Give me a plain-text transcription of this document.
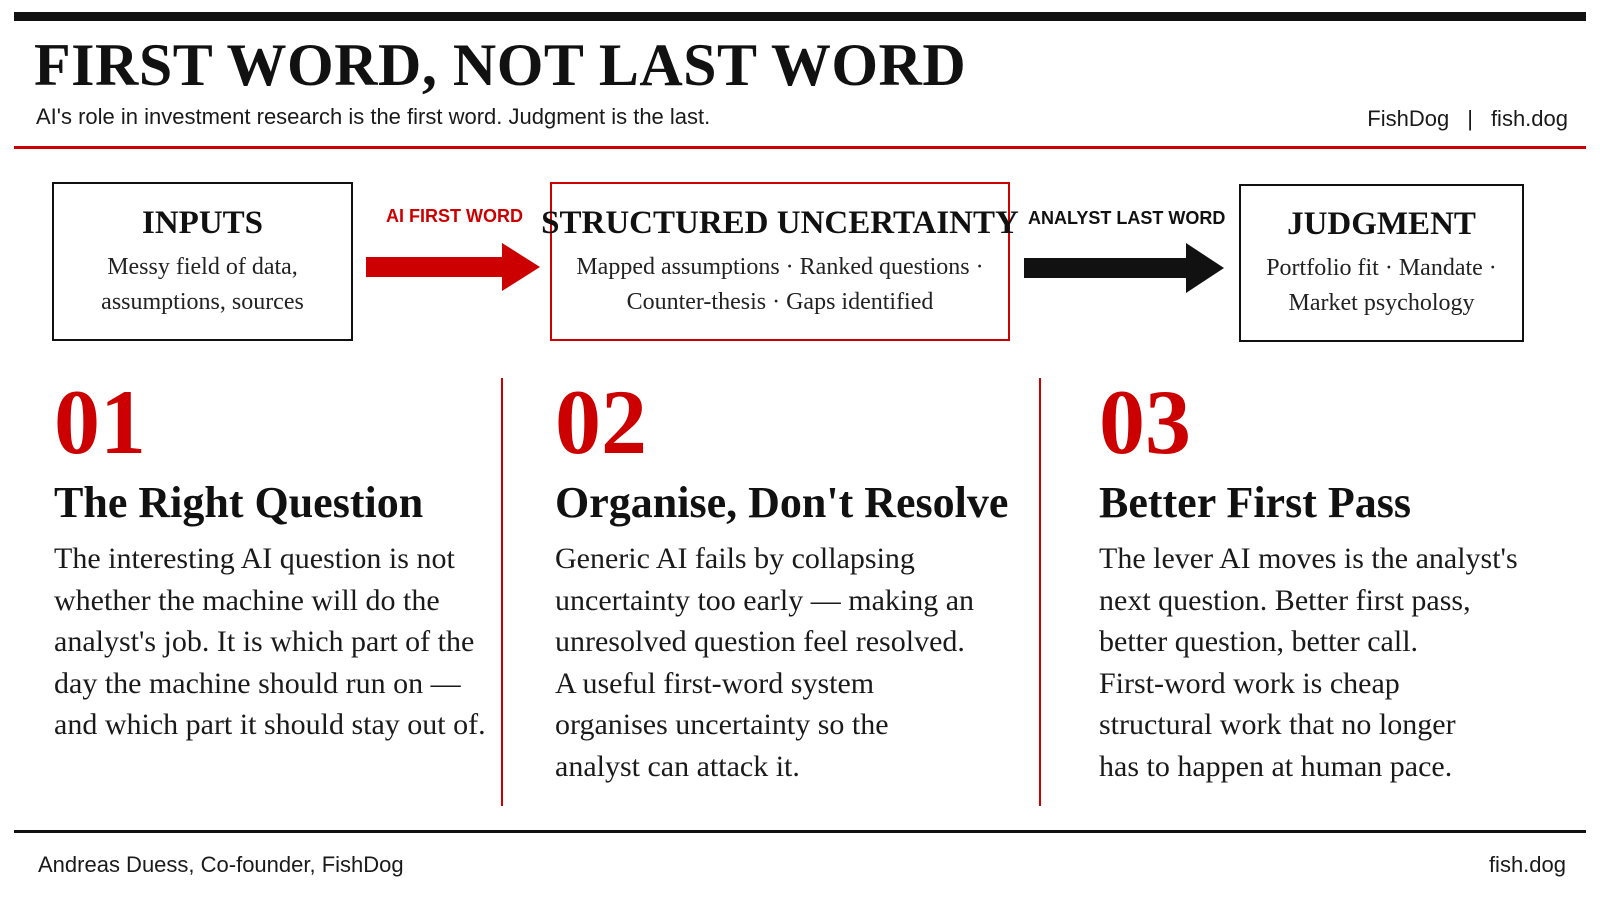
FIRST WORD, NOT LAST WORD
AI's role in investment research is the first word. Judgment is the last.	FishDog | fish.dog
INPUTS
Messy field of data,
assumptions, sources
AI FIRST WORD STRUCTURED UNCERTAINTY
Mapped assumptions · Ranked questions ·
Counter-thesis · Gaps identified
ANALYST LAST WORD JUDGMENT
Portfolio fit · Mandate ·
Market psychology
01
The Right Question
The interesting AI question is not
whether the machine will do the
analyst's job. It is which part of the
day the machine should run on —
and which part it should stay out of.
02
Organise, Don't Resolve
Generic AI fails by collapsing
uncertainty too early — making an
unresolved question feel resolved.
A useful first-word system
organises uncertainty so the
analyst can attack it.
03
Better First Pass
The lever AI moves is the analyst's
next question. Better first pass,
better question, better call.
First-word work is cheap
structural work that no longer
has to happen at human pace.
Andreas Duess, Co-founder, FishDog	fish.dog
